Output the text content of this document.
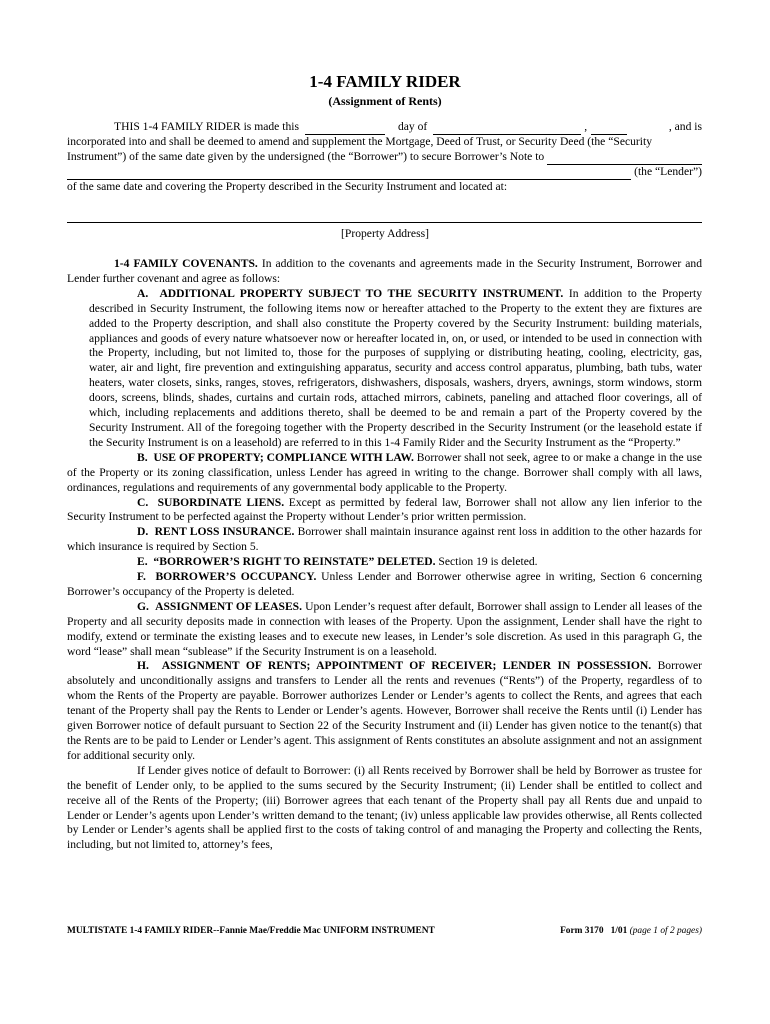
1-4 FAMILY RIDER
(Assignment of Rents)
THIS 1-4 FAMILY RIDER is made this	day of	,	, and is
incorporated into and shall be deemed to amend and supplement the Mortgage, Deed of Trust, or Security Deed (the “Security
Instrument”) of the same date given by the undersigned (the “Borrower”) to secure Borrower’s Note to
(the “Lender”)
of the same date and covering the Property described in the Security Instrument and located at:
[Property Address]

1-4 FAMILY COVENANTS. In addition to the covenants and agreements made in the Security Instrument, Borrower and Lender further covenant and agree as follows:

A.  ADDITIONAL PROPERTY SUBJECT TO THE SECURITY INSTRUMENT. In addition to the Property described in Security Instrument, the following items now or hereafter attached to the Property to the extent they are fixtures are added to the Property description, and shall also constitute the Property covered by the Security Instrument: building materials, appliances and goods of every nature whatsoever now or hereafter located in, on, or used, or intended to be used in connection with the Property, including, but not limited to, those for the purposes of supplying or distributing heating, cooling, electricity, gas, water, air and light, fire prevention and extinguishing apparatus, security and access control apparatus, plumbing, bath tubs, water heaters, water closets, sinks, ranges, stoves, refrigerators, dishwashers, disposals, washers, dryers, awnings, storm windows, storm doors, screens, blinds, shades, curtains and curtain rods, attached mirrors, cabinets, paneling and attached floor coverings, all of which, including replacements and additions thereto, shall be deemed to be and remain a part of the Property covered by the Security Instrument. All of the foregoing together with the Property described in the Security Instrument (or the leasehold estate if the Security Instrument is on a leasehold) are referred to in this 1-4 Family Rider and the Security Instrument as the “Property.”

B.  USE OF PROPERTY; COMPLIANCE WITH LAW. Borrower shall not seek, agree to or make a change in the use of the Property or its zoning classification, unless Lender has agreed in writing to the change. Borrower shall comply with all laws, ordinances, regulations and requirements of any governmental body applicable to the Property.

C.  SUBORDINATE LIENS. Except as permitted by federal law, Borrower shall not allow any lien inferior to the Security Instrument to be perfected against the Property without Lender’s prior written permission.

D.  RENT LOSS INSURANCE. Borrower shall maintain insurance against rent loss in addition to the other hazards for which insurance is required by Section 5.

E.  “BORROWER’S RIGHT TO REINSTATE” DELETED. Section 19 is deleted.

F.  BORROWER’S OCCUPANCY. Unless Lender and Borrower otherwise agree in writing, Section 6 concerning Borrower’s occupancy of the Property is deleted.

G.  ASSIGNMENT OF LEASES. Upon Lender’s request after default, Borrower shall assign to Lender all leases of the Property and all security deposits made in connection with leases of the Property. Upon the assignment, Lender shall have the right to modify, extend or terminate the existing leases and to execute new leases, in Lender’s sole discretion. As used in this paragraph G, the word “lease” shall mean “sublease” if the Security Instrument is on a leasehold.

H.  ASSIGNMENT OF RENTS; APPOINTMENT OF RECEIVER; LENDER IN POSSESSION. Borrower absolutely and unconditionally assigns and transfers to Lender all the rents and revenues (“Rents”) of the Property, regardless of to whom the Rents of the Property are payable. Borrower authorizes Lender or Lender’s agents to collect the Rents, and agrees that each tenant of the Property shall pay the Rents to Lender or Lender’s agents. However, Borrower shall receive the Rents until (i) Lender has given Borrower notice of default pursuant to Section 22 of the Security Instrument and (ii) Lender has given notice to the tenant(s) that the Rents are to be paid to Lender or Lender’s agent. This assignment of Rents constitutes an absolute assignment and not an assignment for additional security only.

If Lender gives notice of default to Borrower: (i) all Rents received by Borrower shall be held by Borrower as trustee for the benefit of Lender only, to be applied to the sums secured by the Security Instrument; (ii) Lender shall be entitled to collect and receive all of the Rents of the Property; (iii) Borrower agrees that each tenant of the Property shall pay all Rents due and unpaid to Lender or Lender’s agents upon Lender’s written demand to the tenant; (iv) unless applicable law provides otherwise, all Rents collected by Lender or Lender’s agents shall be applied first to the costs of taking control of and managing the Property and collecting the Rents, including, but not limited to, attorney’s fees,

MULTISTATE 1-4 FAMILY RIDER--Fannie Mae/Freddie Mac UNIFORM INSTRUMENT	Form 3170   1/01 (page 1 of 2 pages)
